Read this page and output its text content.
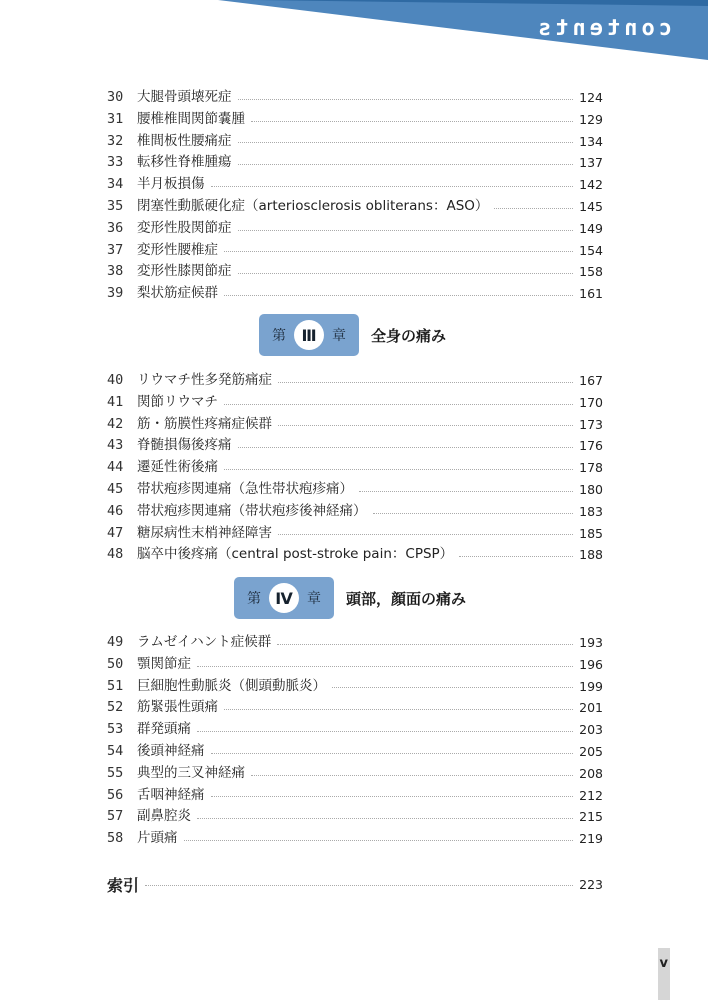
contents
30	大腿骨頭壊死症	124
31	腰椎椎間関節嚢腫	129
32	椎間板性腰痛症	134
33	転移性脊椎腫瘍	137
34	半月板損傷	142
35	閉塞性動脈硬化症（arteriosclerosis obliterans：ASO）	145
36	変形性股関節症	149
37	変形性腰椎症	154
38	変形性膝関節症	158
39	梨状筋症候群	161
第 Ⅲ	章 全身の痛み
40	リウマチ性多発筋痛症	167
41	関節リウマチ	170
42	筋・筋膜性疼痛症候群	173
43	脊髄損傷後疼痛	176
44	遷延性術後痛	178
45	帯状疱疹関連痛（急性帯状疱疹痛）	180
46	帯状疱疹関連痛（帯状疱疹後神経痛）	183
47	糖尿病性末梢神経障害	185
48	脳卒中後疼痛（central post-stroke pain：CPSP）	188
第 Ⅳ	章 頭部，顔面の痛み
49	ラムゼイハント症候群	193
50	顎関節症	196
51	巨細胞性動脈炎（側頭動脈炎）	199
52	筋緊張性頭痛	201
53	群発頭痛	203
54	後頭神経痛	205
55	典型的三叉神経痛	208
56	舌咽神経痛	212
57	副鼻腔炎	215
58	片頭痛	219
索引	223
v
